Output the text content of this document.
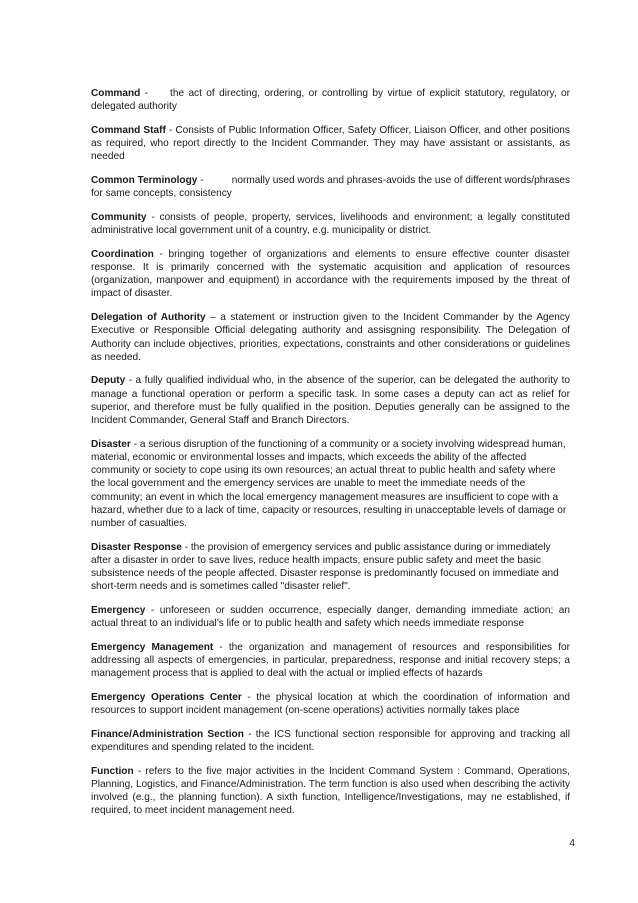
Command -     the act of directing, ordering, or controlling by virtue of explicit statutory, regulatory, or delegated authority

Command Staff - Consists of Public Information Officer, Safety Officer, Liaison Officer, and other positions as required, who report directly to the Incident Commander. They may have assistant or assistants, as needed

Common Terminology -          normally used words and phrases-avoids the use of different words/phrases for same concepts, consistency

Community - consists of people, property, services, livelihoods and environment; a legally constituted administrative local government unit of a country, e.g. municipality or district.

Coordination - bringing together of organizations and elements to ensure effective counter disaster response. It is primarily concerned with the systematic acquisition and application of resources (organization, manpower and equipment) in accordance with the requirements imposed by the threat of impact of disaster.

Delegation of Authority – a statement or instruction given to the Incident Commander by the Agency Executive or Responsible Official delegating authority and assisgning responsibility. The Delegation of Authority can include objectives, priorities, expectations, constraints and other considerations or guidelines as needed.

Deputy - a fully qualified individual who, in the absence of the superior, can be delegated the authority to manage a functional operation or perform a specific task. In some cases a deputy can act as relief for superior, and therefore must be fully qualified in the position. Deputies generally can be assigned to the Incident Commander, General Staff and Branch Directors.

Disaster - a serious disruption of the functioning of a community or a society involving widespread human, material, economic or environmental losses and impacts, which exceeds the ability of the affected community or society to cope using its own resources; an actual threat to public health and safety where the local government and the emergency services are unable to meet the immediate needs of the community; an event in which the local emergency management measures are insufficient to cope with a hazard, whether due to a lack of time, capacity or resources, resulting in unacceptable levels of damage or number of casualties.

Disaster Response - the provision of emergency services and public assistance during or immediately after a disaster in order to save lives, reduce health impacts, ensure public safety and meet the basic subsistence needs of the people affected. Disaster response is predominantly focused on immediate and short-term needs and is sometimes called "disaster relief".

Emergency - unforeseen or sudden occurrence, especially danger, demanding immediate action; an actual threat to an individual’s life or to public health and safety which needs immediate response

Emergency Management - the organization and management of resources and responsibilities for addressing all aspects of emergencies, in particular, preparedness, response and initial recovery steps; a management process that is applied to deal with the actual or implied effects of hazards

Emergency Operations Center - the physical location at which the coordination of information and resources to support incident management (on-scene operations) activities normally takes place

Finance/Administration Section - the ICS functional section responsible for approving and tracking all expenditures and spending related to the incident.

Function - refers to the five major activities in the Incident Command System : Command, Operations, Planning, Logistics, and Finance/Administration. The term function is also used when describing the activity involved (e.g., the planning function). A sixth function, Intelligence/Investigations, may ne established, if required, to meet incident management need.

4
